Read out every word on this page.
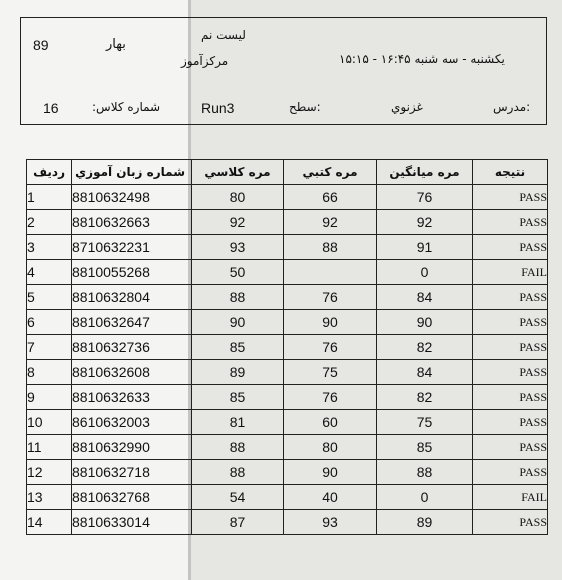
89	بهار
لیست نم
مرکزآموز	یکشنبه - سه شنبه ۱۶:۴۵ - ۱۵:۱۵
16	شماره کلاس:	Run3	سطح:	غزنوي	مدرس:
رديف	شماره زبان آموزي	مره كلاسي	مره كتبي	مره ميانگين	نتيجه
1	8810632498	80	66	76	PASS
2	8810632663	92	92	92	PASS
3	8710632231	93	88	91	PASS
4	8810055268	50		0	FAIL
5	8810632804	88	76	84	PASS
6	8810632647	90	90	90	PASS
7	8810632736	85	76	82	PASS
8	8810632608	89	75	84	PASS
9	8810632633	85	76	82	PASS
10	8610632003	81	60	75	PASS
11	8810632990	88	80	85	PASS
12	8810632718	88	90	88	PASS
13	8810632768	54	40	0	FAIL
14	8810633014	87	93	89	PASS
